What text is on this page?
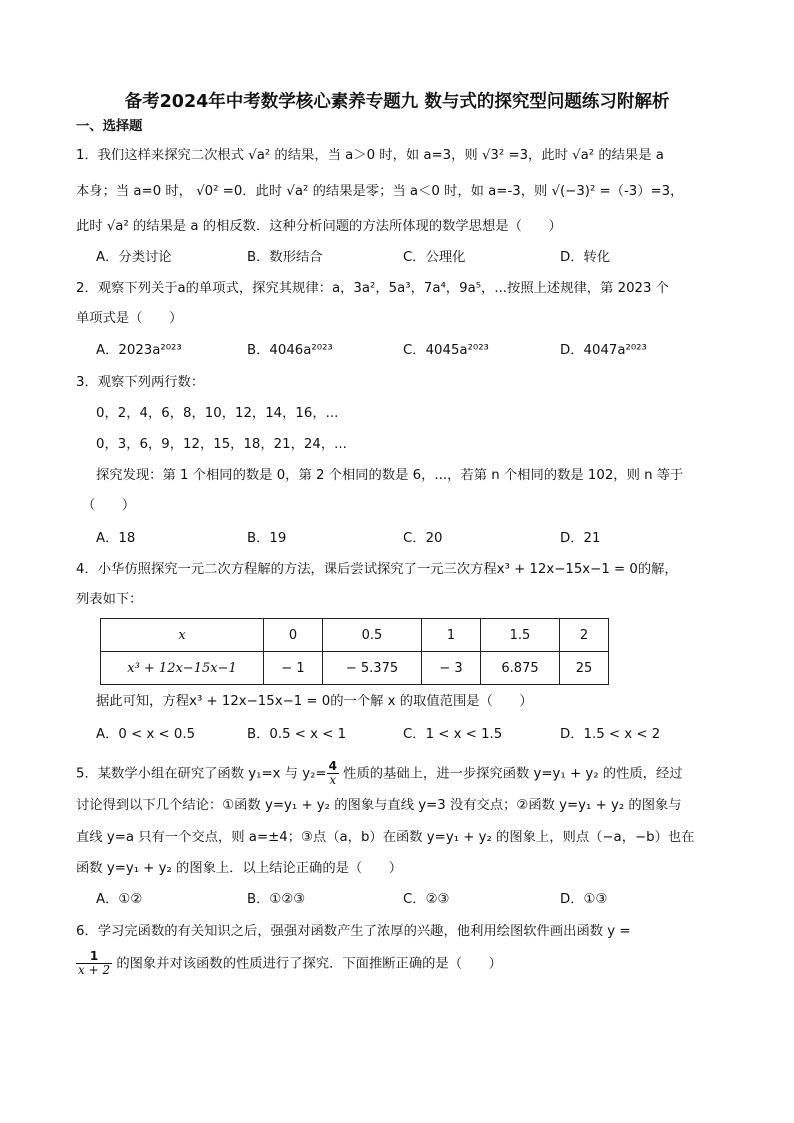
备考2024年中考数学核心素养专题九 数与式的探究型问题练习附解析
一、选择题
1．我们这样来探究二次根式 √a² 的结果，当 a＞0 时，如 a=3，则 √3² =3，此时 √a² 的结果是 a
本身；当 a=0 时， √0² =0．此时 √a² 的结果是零；当 a＜0 时，如 a=-3，则 √(−3)² =（-3）=3，
此时 √a² 的结果是 a 的相反数．这种分析问题的方法所体现的数学思想是（　　）
A．分类讨论	B．数形结合	C．公理化	D．转化
2．观察下列关于a的单项式，探究其规律：a，3a²，5a³，7a⁴，9a⁵，...按照上述规律，第 2023 个
单项式是（　　）
A．2023a²⁰²³	B．4046a²⁰²³	C．4045a²⁰²³	D．4047a²⁰²³
3．观察下列两行数：
0，2，4，6，8，10，12，14，16，...
0，3，6，9，12，15，18，21，24，...
探究发现：第 1 个相同的数是 0，第 2 个相同的数是 6，...，若第 n 个相同的数是 102，则 n 等于
（　　）
A．18	B．19	C．20	D．21
4．小华仿照探究一元二次方程解的方法，课后尝试探究了一元三次方程x³ + 12x−15x−1 = 0的解，
列表如下：
x	0	0.5	1	1.5	2
x³ + 12x−15x−1	− 1	− 5.375	− 3	6.875	25
据此可知，方程x³ + 12x−15x−1 = 0的一个解 x 的取值范围是（　　）
A．0 < x < 0.5	B．0.5 < x < 1	C．1 < x < 1.5	D．1.5 < x < 2
5．某数学小组在研究了函数 y₁=x 与 $y_2= \frac{4}{x}$ 性质的基础上，进一步探究函数 y=y₁ + y₂ 的性质，经过
讨论得到以下几个结论：①函数 y=y₁ + y₂ 的图象与直线 y=3 没有交点；②函数 y=y₁ + y₂ 的图象与
直线 y=a 只有一个交点，则 a=±4；③点（a，b）在函数 y=y₁ + y₂ 的图象上，则点（−a，−b）也在
函数 y=y₁ + y₂ 的图象上．以上结论正确的是（　　）
A．①②	B．①②③	C．②③	D．①③
6．学习完函数的有关知识之后，强强对函数产生了浓厚的兴趣，他利用绘图软件画出函数 y =
$\frac{1}{x + 2}$ 的图象并对该函数的性质进行了探究．下面推断正确的是（　　）
